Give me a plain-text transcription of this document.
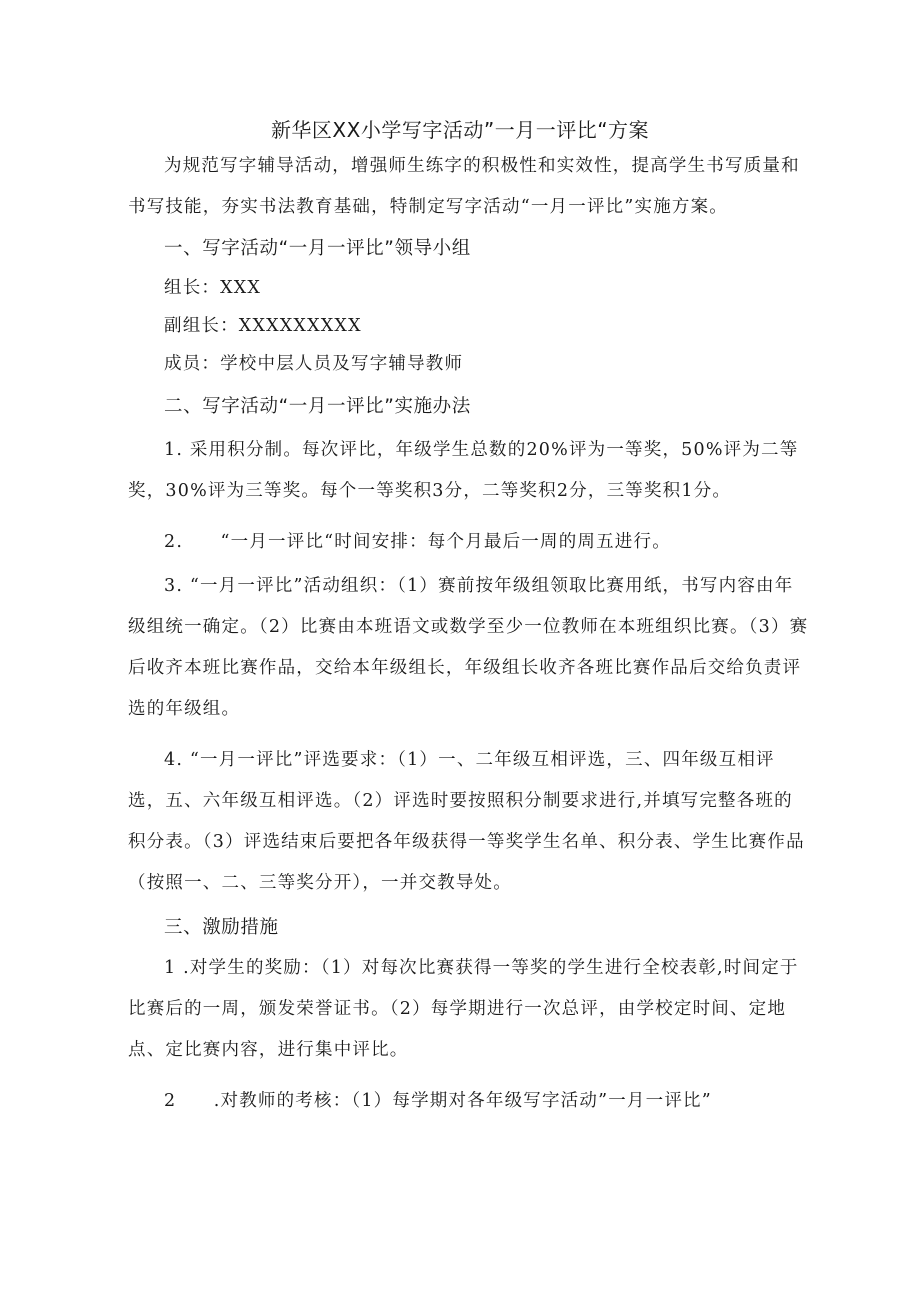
新华区XX小学写字活动”一月一评比“方案

为规范写字辅导活动，增强师生练字的积极性和实效性，提高学生书写质量和书写技能，夯实书法教育基础，特制定写字活动“一月一评比”实施方案。

一、写字活动“一月一评比”领导小组

组长：XXX

副组长：XXXXXXXXX

成员：学校中层人员及写字辅导教师

二、写字活动“一月一评比”实施办法

1. 采用积分制。每次评比，年级学生总数的20%评为一等奖，50%评为二等奖，30%评为三等奖。每个一等奖积3分，二等奖积2分，三等奖积1分。

2.　　“一月一评比“时间安排：每个月最后一周的周五进行。

3. “一月一评比”活动组织：（1）赛前按年级组领取比赛用纸，书写内容由年级组统一确定。（2）比赛由本班语文或数学至少一位教师在本班组织比赛。（3）赛后收齐本班比赛作品，交给本年级组长，年级组长收齐各班比赛作品后交给负责评选的年级组。

4. “一月一评比”评选要求：（1）一、二年级互相评选，三、四年级互相评选，五、六年级互相评选。（2）评选时要按照积分制要求进行,并填写完整各班的积分表。（3）评选结束后要把各年级获得一等奖学生名单、积分表、学生比赛作品（按照一、二、三等奖分开），一并交教导处。

三、激励措施

1 .对学生的奖励：（1）对每次比赛获得一等奖的学生进行全校表彰,时间定于比赛后的一周，颁发荣誉证书。（2）每学期进行一次总评，由学校定时间、定地点、定比赛内容，进行集中评比。

2　　.对教师的考核：（1）每学期对各年级写字活动”一月一评比”
